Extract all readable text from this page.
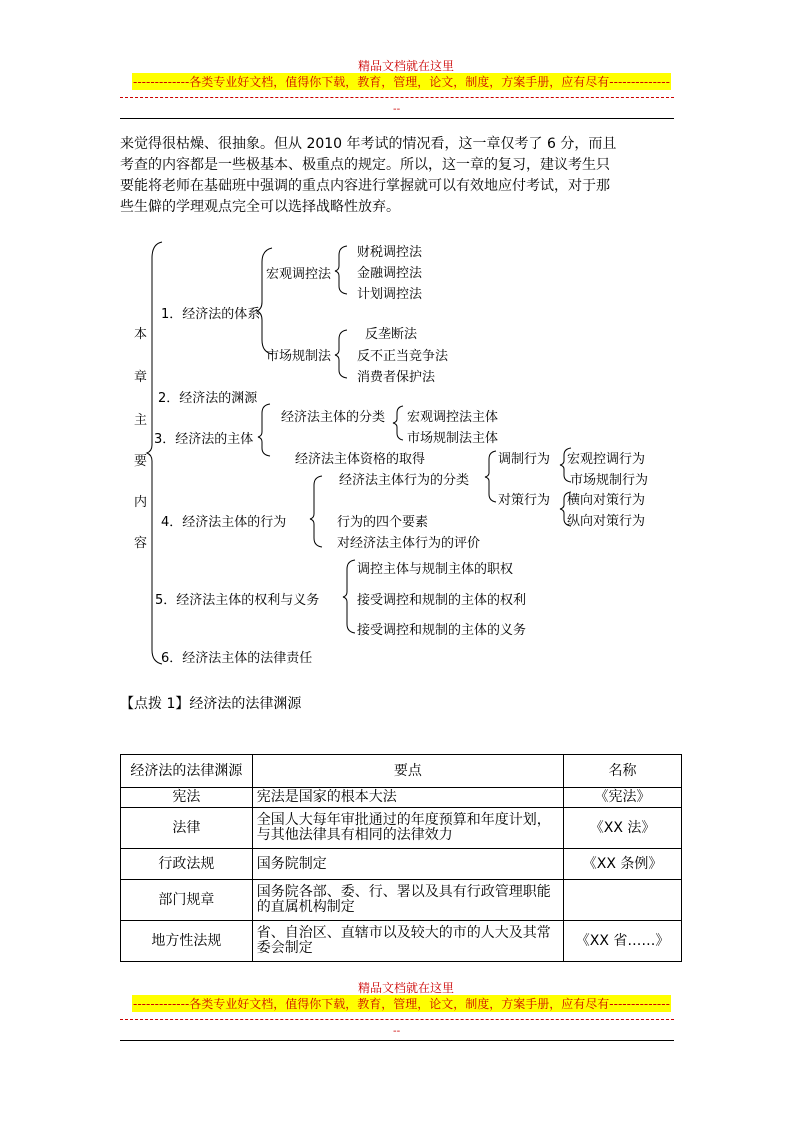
精品文档就在这里
-------------各类专业好文档，值得你下载，教育，管理，论文，制度，方案手册，应有尽有--------------
--
来觉得很枯燥、很抽象。但从 2010 年考试的情况看，这一章仅考了 6 分，而且
考查的内容都是一些极基本、极重点的规定。所以，这一章的复习，建议考生只
要能将老师在基础班中强调的重点内容进行掌握就可以有效地应付考试，对于那
些生僻的学理观点完全可以选择战略性放弃。
本
章
主
要
内
容
1．经济法的体系
宏观调控法
财税调控法
金融调控法
计划调控法
市场规制法
反垄断法
反不正当竞争法
消费者保护法
2．经济法的渊源
3．经济法的主体
经济法主体的分类 宏观调控法主体
市场规制法主体
经济法主体资格的取得
4．经济法主体的行为
经济法主体行为的分类
调制行为 宏观控调行为
市场规制行为
对策行为 横向对策行为
纵向对策行为
行为的四个要素
对经济法主体行为的评价
5．经济法主体的权利与义务
调控主体与规制主体的职权
接受调控和规制的主体的权利
接受调控和规制的主体的义务
6．经济法主体的法律责任
【点拨 1】经济法的法律渊源
经济法的法律渊源	要点	名称
宪法	宪法是国家的根本大法	《宪法》
法律	全国人大每年审批通过的年度预算和年度计划，与其他法律具有相同的法律效力	《XX 法》
行政法规	国务院制定	《XX 条例》
部门规章	国务院各部、委、行、署以及具有行政管理职能的直属机构制定	
地方性法规	省、自治区、直辖市以及较大的市的人大及其常委会制定	《XX 省……》
精品文档就在这里
-------------各类专业好文档，值得你下载，教育，管理，论文，制度，方案手册，应有尽有--------------
--
